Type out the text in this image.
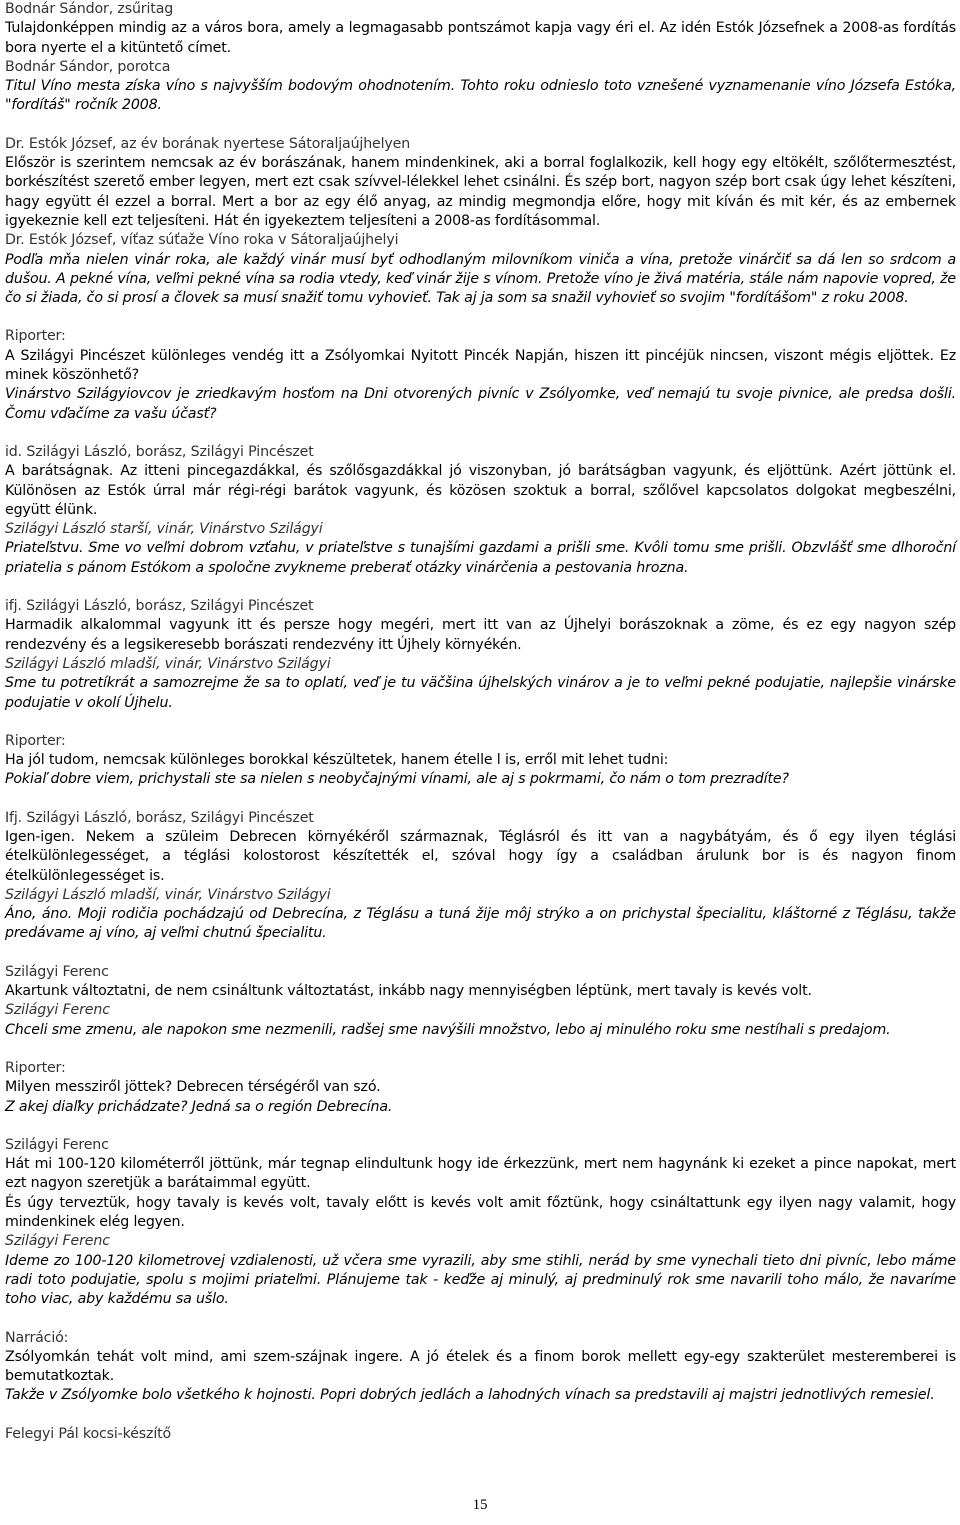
Bodnár Sándor, zsűritag

Tulajdonképpen mindig az a város bora, amely a legmagasabb pontszámot kapja vagy éri el. Az idén Estók Józsefnek a 2008-as fordítás bora nyerte el a kitüntető címet.

Bodnár Sándor, porotca

Titul Víno mesta získa víno s najvyšším bodovým ohodnotením. Tohto roku odnieslo toto vznešené vyznamenanie víno Józsefa Estóka, "fordítáš" ročník 2008.

Dr. Estók József, az év borának nyertese Sátoraljaújhelyen

Először is szerintem nemcsak az év borászának, hanem mindenkinek, aki a borral foglalkozik, kell hogy egy eltökélt, szőlőtermesztést, borkészítést szerető ember legyen, mert ezt csak szívvel-lélekkel lehet csinálni. És szép bort, nagyon szép bort csak úgy lehet készíteni, hagy együtt él ezzel a borral. Mert a bor az egy élő anyag, az mindig megmondja előre, hogy mit kíván és mit kér, és az embernek igyekeznie kell ezt teljesíteni. Hát én igyekeztem teljesíteni a 2008-as fordításommal.

Dr. Estók József, víťaz súťaže Víno roka v Sátoraljaújhelyi

Podľa mňa nielen vinár roka, ale každý vinár musí byť odhodlaným milovníkom viniča a vína, pretože vinárčiť sa dá len so srdcom a dušou. A pekné vína, veľmi pekné vína sa rodia vtedy, keď vinár žije s vínom. Pretože víno je živá matéria, stále nám napovie vopred, že čo si žiada, čo si prosí a človek sa musí snažiť tomu vyhovieť. Tak aj ja som sa snažil vyhovieť so svojim "fordítášom" z roku 2008.

Riporter:

A Szilágyi Pincészet különleges vendég itt a Zsólyomkai Nyitott Pincék Napján, hiszen itt pincéjük nincsen, viszont mégis eljöttek. Ez minek köszönhető?

Vinárstvo Szilágyiovcov je zriedkavým hosťom na Dni otvorených pivníc v Zsólyomke, veď nemajú tu svoje pivnice, ale predsa došli. Čomu vďačíme za vašu účasť?

id. Szilágyi László, borász, Szilágyi Pincészet

A barátságnak. Az itteni pincegazdákkal, és szőlősgazdákkal jó viszonyban, jó barátságban vagyunk, és eljöttünk. Azért jöttünk el. Különösen az Estók úrral már régi-régi barátok vagyunk, és közösen szoktuk a borral, szőlővel kapcsolatos dolgokat megbeszélni, együtt élünk.

Szilágyi László starší, vinár, Vinárstvo Szilágyi

Priateľstvu. Sme vo veľmi dobrom vzťahu, v priateľstve s tunajšími gazdami a prišli sme. Kvôli tomu sme prišli. Obzvlášť sme dlhoroční priatelia s pánom Estókom a spoločne zvykneme preberať otázky vinárčenia a pestovania hrozna.

ifj. Szilágyi László, borász, Szilágyi Pincészet

Harmadik alkalommal vagyunk itt és persze hogy megéri, mert itt van az Újhelyi borászoknak a zöme, és ez egy nagyon szép rendezvény és a legsikeresebb borászati rendezvény itt Újhely környékén.

Szilágyi László mladší, vinár, Vinárstvo Szilágyi

Sme tu potretíkrát a samozrejme že sa to oplatí, veď je tu väčšina újhelských vinárov a je to veľmi pekné podujatie, najlepšie vinárske podujatie v okolí Újhelu.

Riporter:

Ha jól tudom, nemcsak különleges borokkal készültetek, hanem ételle l is, erről mit lehet tudni:

Pokiaľ dobre viem, prichystali ste sa nielen s neobyčajnými vínami, ale aj s pokrmami, čo nám o tom prezradíte?

Ifj. Szilágyi László, borász, Szilágyi Pincészet

Igen-igen. Nekem a szüleim Debrecen környékéről származnak, Téglásról és itt van a nagybátyám, és ő egy ilyen téglási ételkülönlegességet, a téglási kolostorost készítették el, szóval hogy így a családban árulunk bor is és nagyon finom ételkülönlegességet is.

Szilágyi László mladší, vinár, Vinárstvo Szilágyi

Áno, áno. Moji rodičia pochádzajú od Debrecína, z Téglásu a tuná žije môj strýko a on prichystal špecialitu, kláštorné z Téglásu, takže predávame aj víno, aj veľmi chutnú špecialitu.

Szilágyi Ferenc

Akartunk változtatni, de nem csináltunk változtatást, inkább nagy mennyiségben léptünk, mert tavaly is kevés volt.

Szilágyi Ferenc

Chceli sme zmenu, ale napokon sme nezmenili, radšej sme navýšili množstvo, lebo aj minulého roku sme nestíhali s predajom.

Riporter:

Milyen messziről jöttek? Debrecen térségéről van szó.

Z akej diaľky prichádzate? Jedná sa o región Debrecína.

Szilágyi Ferenc

Hát mi 100-120 kilométerről jöttünk, már tegnap elindultunk hogy ide érkezzünk, mert nem hagynánk ki ezeket a pince napokat, mert ezt nagyon szeretjük a barátaimmal együtt.

És úgy terveztük, hogy tavaly is kevés volt, tavaly előtt is kevés volt amit főztünk, hogy csináltattunk egy ilyen nagy valamit, hogy mindenkinek elég legyen.

Szilágyi Ferenc

Ideme zo 100-120 kilometrovej vzdialenosti, už včera sme vyrazili, aby sme stihli, nerád by sme vynechali tieto dni pivníc, lebo máme radi toto podujatie, spolu s mojimi priateľmi. Plánujeme tak - keďže aj minulý, aj predminulý rok sme navarili toho málo, že navaríme toho viac, aby každému sa ušlo.

Narráció:

Zsólyomkán tehát volt mind, ami szem-szájnak ingere. A jó ételek és a finom borok mellett egy-egy szakterület mesteremberei is bemutatkoztak.

Takže v Zsólyomke bolo všetkého k hojnosti. Popri dobrých jedlách a lahodných vínach sa predstavili aj majstri jednotlivých remesiel.

Felegyi Pál kocsi-készítő

15
